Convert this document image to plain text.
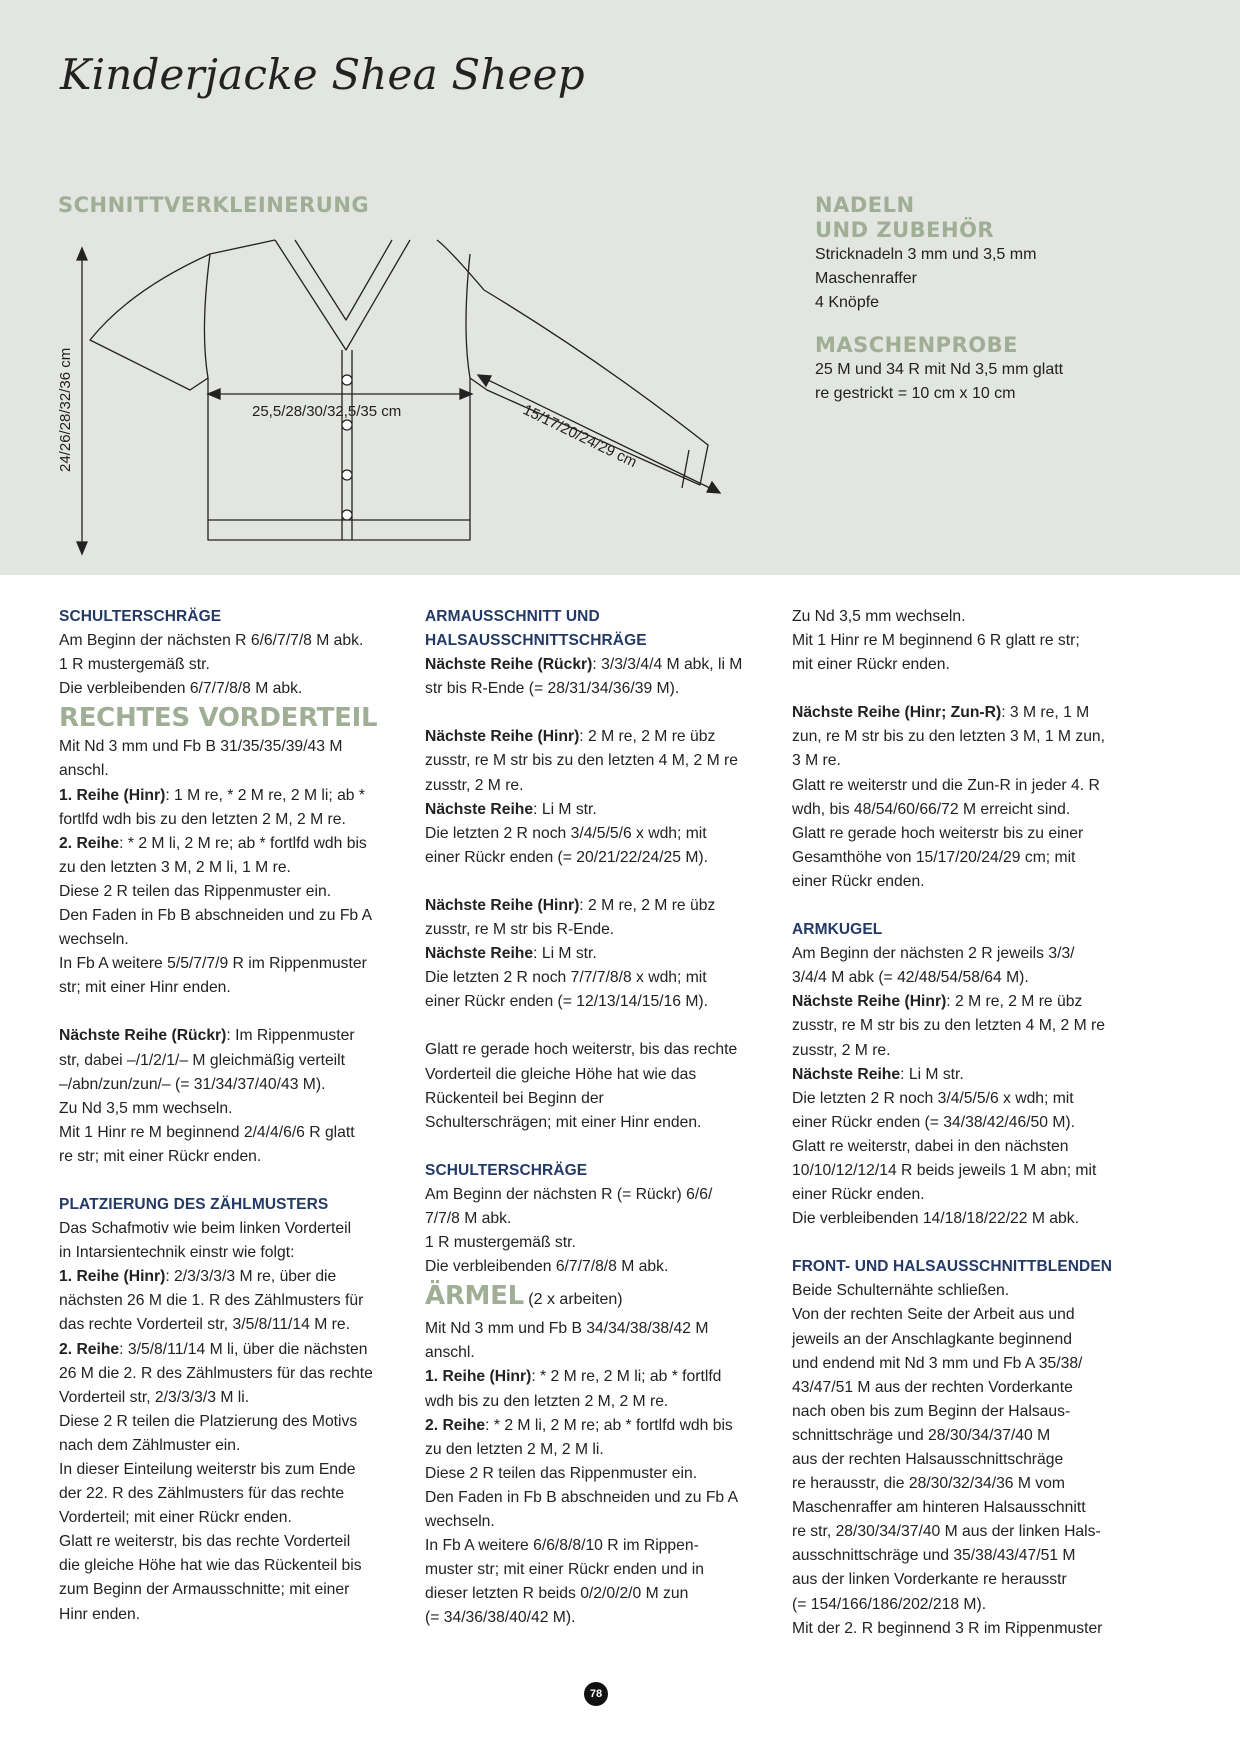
Kinderjacke Shea Sheep
SCHNITTVERKLEINERUNG
24/26/28/32/36 cm	25,5/28/30/32,5/35 cm	15/17/20/24/29 cm
NADELN
UND ZUBEHÖR
Stricknadeln 3 mm und 3,5 mm
Maschenraffer
4 Knöpfe
MASCHENPROBE
25 M und 34 R mit Nd 3,5 mm glatt
re gestrickt = 10 cm x 10 cm
SCHULTERSCHRÄGE
Am Beginn der nächsten R 6/6/7/7/8 M abk.
1 R mustergemäß str.
Die verbleibenden 6/7/7/8/8 M abk.
RECHTES VORDERTEIL
Mit Nd 3 mm und Fb B 31/35/35/39/43 M
anschl.
1. Reihe (Hinr): 1 M re, * 2 M re, 2 M li; ab *
fortlfd wdh bis zu den letzten 2 M, 2 M re.
2. Reihe: * 2 M li, 2 M re; ab * fortlfd wdh bis
zu den letzten 3 M, 2 M li, 1 M re.
Diese 2 R teilen das Rippenmuster ein.
Den Faden in Fb B abschneiden und zu Fb A
wechseln.
In Fb A weitere 5/5/7/7/9 R im Rippenmuster
str; mit einer Hinr enden.
Nächste Reihe (Rückr): Im Rippenmuster
str, dabei –/1/2/1/– M gleichmäßig verteilt
–/abn/zun/zun/– (= 31/34/37/40/43 M).
Zu Nd 3,5 mm wechseln.
Mit 1 Hinr re M beginnend 2/4/4/6/6 R glatt
re str; mit einer Rückr enden.
PLATZIERUNG DES ZÄHLMUSTERS
Das Schafmotiv wie beim linken Vorderteil
in Intarsientechnik einstr wie folgt:
1. Reihe (Hinr): 2/3/3/3/3 M re, über die
nächsten 26 M die 1. R des Zählmusters für
das rechte Vorderteil str, 3/5/8/11/14 M re.
2. Reihe: 3/5/8/11/14 M li, über die nächsten
26 M die 2. R des Zählmusters für das rechte
Vorderteil str, 2/3/3/3/3 M li.
Diese 2 R teilen die Platzierung des Motivs
nach dem Zählmuster ein.
In dieser Einteilung weiterstr bis zum Ende
der 22. R des Zählmusters für das rechte
Vorderteil; mit einer Rückr enden.
Glatt re weiterstr, bis das rechte Vorderteil
die gleiche Höhe hat wie das Rückenteil bis
zum Beginn der Armausschnitte; mit einer
Hinr enden.
ARMAUSSCHNITT UND
HALSAUSSCHNITTSCHRÄGE
Nächste Reihe (Rückr): 3/3/3/4/4 M abk, li M
str bis R-Ende (= 28/31/34/36/39 M).
Nächste Reihe (Hinr): 2 M re, 2 M re übz
zusstr, re M str bis zu den letzten 4 M, 2 M re
zusstr, 2 M re.
Nächste Reihe: Li M str.
Die letzten 2 R noch 3/4/5/5/6 x wdh; mit
einer Rückr enden (= 20/21/22/24/25 M).
Nächste Reihe (Hinr): 2 M re, 2 M re übz
zusstr, re M str bis R-Ende.
Nächste Reihe: Li M str.
Die letzten 2 R noch 7/7/7/8/8 x wdh; mit
einer Rückr enden (= 12/13/14/15/16 M).
Glatt re gerade hoch weiterstr, bis das rechte
Vorderteil die gleiche Höhe hat wie das
Rückenteil bei Beginn der
Schulterschrägen; mit einer Hinr enden.
SCHULTERSCHRÄGE
Am Beginn der nächsten R (= Rückr) 6/6/
7/7/8 M abk.
1 R mustergemäß str.
Die verbleibenden 6/7/7/8/8 M abk.
ÄRMEL (2 x arbeiten)
Mit Nd 3 mm und Fb B 34/34/38/38/42 M
anschl.
1. Reihe (Hinr): * 2 M re, 2 M li; ab * fortlfd
wdh bis zu den letzten 2 M, 2 M re.
2. Reihe: * 2 M li, 2 M re; ab * fortlfd wdh bis
zu den letzten 2 M, 2 M li.
Diese 2 R teilen das Rippenmuster ein.
Den Faden in Fb B abschneiden und zu Fb A
wechseln.
In Fb A weitere 6/6/8/8/10 R im Rippen-
muster str; mit einer Rückr enden und in
dieser letzten R beids 0/2/0/2/0 M zun
(= 34/36/38/40/42 M).
Zu Nd 3,5 mm wechseln.
Mit 1 Hinr re M beginnend 6 R glatt re str;
mit einer Rückr enden.
Nächste Reihe (Hinr; Zun-R): 3 M re, 1 M
zun, re M str bis zu den letzten 3 M, 1 M zun,
3 M re.
Glatt re weiterstr und die Zun-R in jeder 4. R
wdh, bis 48/54/60/66/72 M erreicht sind.
Glatt re gerade hoch weiterstr bis zu einer
Gesamthöhe von 15/17/20/24/29 cm; mit
einer Rückr enden.
ARMKUGEL
Am Beginn der nächsten 2 R jeweils 3/3/
3/4/4 M abk (= 42/48/54/58/64 M).
Nächste Reihe (Hinr): 2 M re, 2 M re übz
zusstr, re M str bis zu den letzten 4 M, 2 M re
zusstr, 2 M re.
Nächste Reihe: Li M str.
Die letzten 2 R noch 3/4/5/5/6 x wdh; mit
einer Rückr enden (= 34/38/42/46/50 M).
Glatt re weiterstr, dabei in den nächsten
10/10/12/12/14 R beids jeweils 1 M abn; mit
einer Rückr enden.
Die verbleibenden 14/18/18/22/22 M abk.
FRONT- UND HALSAUSSCHNITTBLENDEN
Beide Schulternähte schließen.
Von der rechten Seite der Arbeit aus und
jeweils an der Anschlagkante beginnend
und endend mit Nd 3 mm und Fb A 35/38/
43/47/51 M aus der rechten Vorderkante
nach oben bis zum Beginn der Halsaus-
schnittschräge und 28/30/34/37/40 M
aus der rechten Halsausschnittschräge
re herausstr, die 28/30/32/34/36 M vom
Maschenraffer am hinteren Halsausschnitt
re str, 28/30/34/37/40 M aus der linken Hals-
ausschnittschräge und 35/38/43/47/51 M
aus der linken Vorderkante re herausstr
(= 154/166/186/202/218 M).
Mit der 2. R beginnend 3 R im Rippenmuster
78
